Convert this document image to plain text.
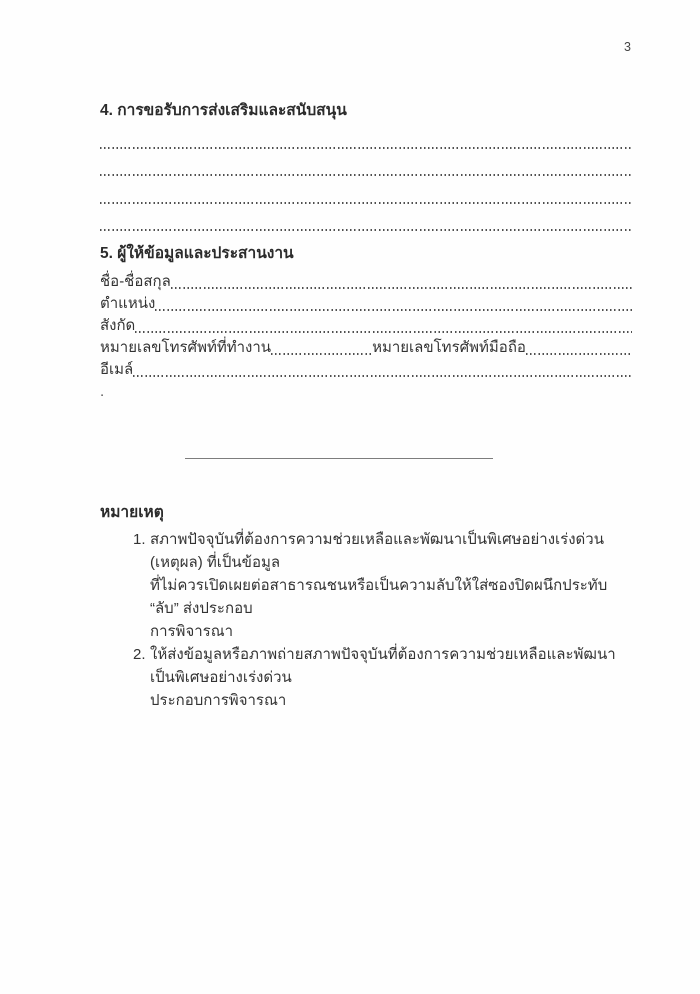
3
4. การขอรับการส่งเสริมและสนับสนุน
5. ผู้ให้ข้อมูลและประสานงาน
ชื่อ-ชื่อสกุล
ตำแหน่ง
สังกัด
หมายเลขโทรศัพท์ที่ทำงาน	หมายเลขโทรศัพท์มือถือ
อีเมล์
.
หมายเหตุ
1. สภาพปัจจุบันที่ต้องการความช่วยเหลือและพัฒนาเป็นพิเศษอย่างเร่งด่วน (เหตุผล) ที่เป็นข้อมูล
ที่ไม่ควรเปิดเผยต่อสาธารณชนหรือเป็นความลับให้ใส่ซองปิดผนึกประทับ “ลับ” ส่งประกอบ
การพิจารณา
2. ให้ส่งข้อมูลหรือภาพถ่ายสภาพปัจจุบันที่ต้องการความช่วยเหลือและพัฒนาเป็นพิเศษอย่างเร่งด่วน
ประกอบการพิจารณา
